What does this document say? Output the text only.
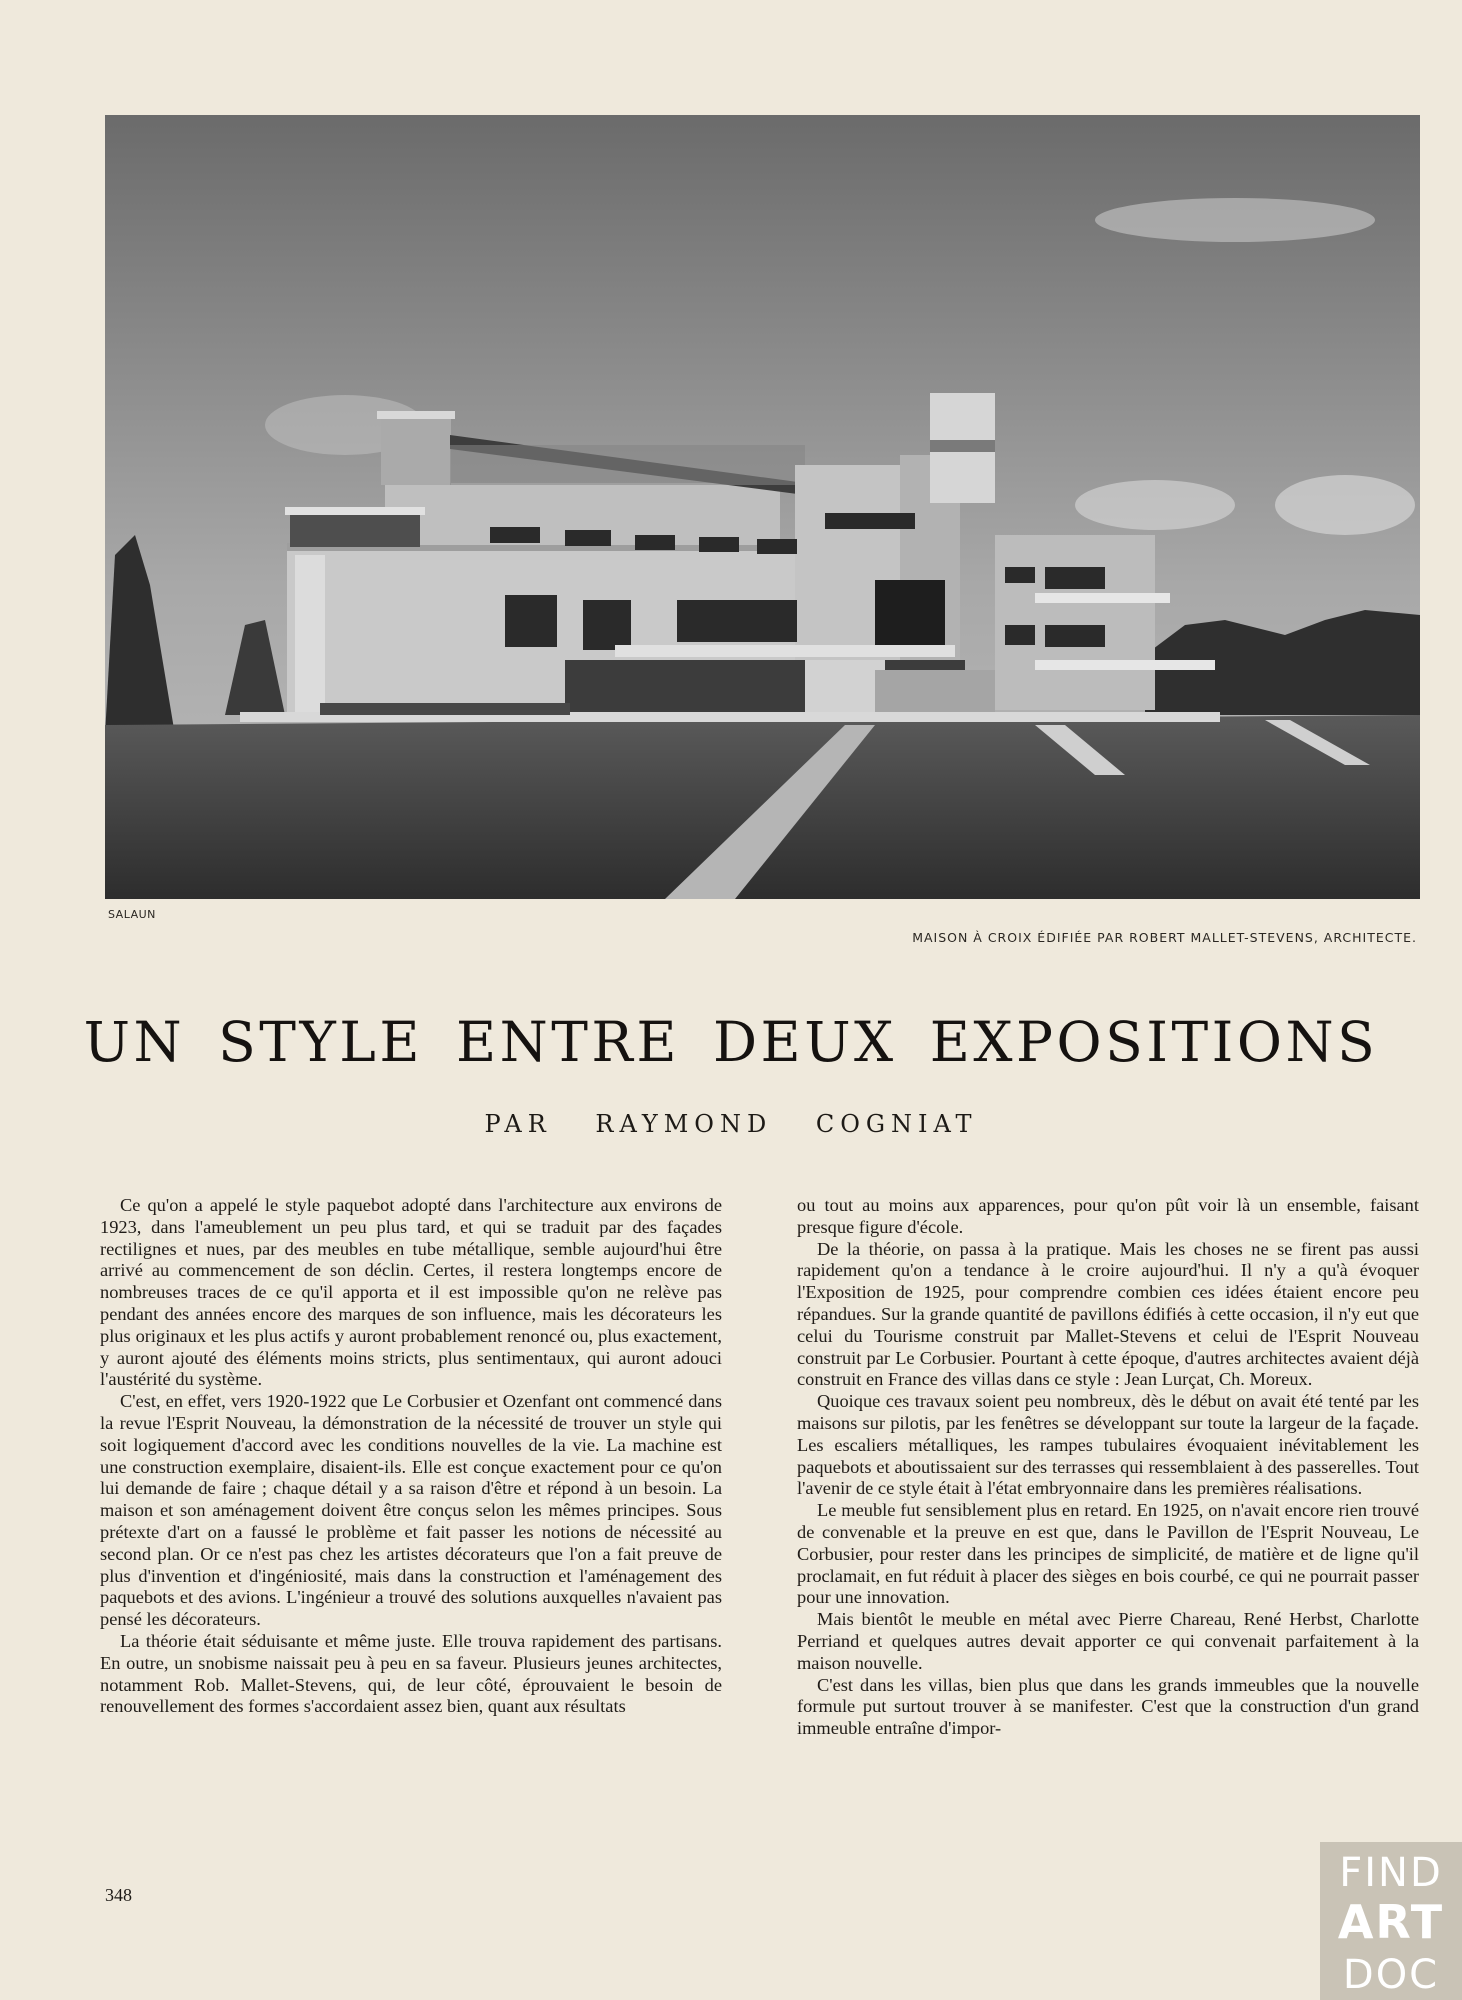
SALAUN
MAISON À CROIX ÉDIFIÉE PAR ROBERT MALLET-STEVENS, ARCHITECTE.
UN STYLE ENTRE DEUX EXPOSITIONS
PAR RAYMOND COGNIAT

Ce qu'on a appelé le style paquebot adopté dans l'architecture aux environs de 1923, dans l'ameublement un peu plus tard, et qui se traduit par des façades rectilignes et nues, par des meubles en tube métallique, semble aujourd'hui être arrivé au commencement de son déclin. Certes, il restera longtemps encore de nombreuses traces de ce qu'il apporta et il est impossible qu'on ne relève pas pendant des années encore des marques de son influence, mais les décorateurs les plus originaux et les plus actifs y auront probablement renoncé ou, plus exactement, y auront ajouté des éléments moins stricts, plus sentimentaux, qui auront adouci l'austérité du système.

C'est, en effet, vers 1920-1922 que Le Corbusier et Ozenfant ont commencé dans la revue l'Esprit Nouveau, la démonstration de la nécessité de trouver un style qui soit logiquement d'accord avec les conditions nouvelles de la vie. La machine est une construction exemplaire, disaient-ils. Elle est conçue exactement pour ce qu'on lui demande de faire ; chaque détail y a sa raison d'être et répond à un besoin. La maison et son aménagement doivent être conçus selon les mêmes principes. Sous prétexte d'art on a faussé le problème et fait passer les notions de nécessité au second plan. Or ce n'est pas chez les artistes décorateurs que l'on a fait preuve de plus d'invention et d'ingéniosité, mais dans la construction et l'aménagement des paquebots et des avions. L'ingénieur a trouvé des solutions auxquelles n'avaient pas pensé les décorateurs.

La théorie était séduisante et même juste. Elle trouva rapidement des partisans. En outre, un snobisme naissait peu à peu en sa faveur. Plusieurs jeunes architectes, notamment Rob. Mallet-Stevens, qui, de leur côté, éprouvaient le besoin de renouvellement des formes s'accordaient assez bien, quant aux résultats

ou tout au moins aux apparences, pour qu'on pût voir là un ensemble, faisant presque figure d'école.

De la théorie, on passa à la pratique. Mais les choses ne se firent pas aussi rapidement qu'on a tendance à le croire aujourd'hui. Il n'y a qu'à évoquer l'Exposition de 1925, pour comprendre combien ces idées étaient encore peu répandues. Sur la grande quantité de pavillons édifiés à cette occasion, il n'y eut que celui du Tourisme construit par Mallet-Stevens et celui de l'Esprit Nouveau construit par Le Corbusier. Pourtant à cette époque, d'autres architectes avaient déjà construit en France des villas dans ce style : Jean Lurçat, Ch. Moreux.

Quoique ces travaux soient peu nombreux, dès le début on avait été tenté par les maisons sur pilotis, par les fenêtres se développant sur toute la largeur de la façade. Les escaliers métalliques, les rampes tubulaires évoquaient inévitablement les paquebots et aboutissaient sur des terrasses qui ressemblaient à des passerelles. Tout l'avenir de ce style était à l'état embryonnaire dans les premières réalisations.

Le meuble fut sensiblement plus en retard. En 1925, on n'avait encore rien trouvé de convenable et la preuve en est que, dans le Pavillon de l'Esprit Nouveau, Le Corbusier, pour rester dans les principes de simplicité, de matière et de ligne qu'il proclamait, en fut réduit à placer des sièges en bois courbé, ce qui ne pourrait passer pour une innovation.

Mais bientôt le meuble en métal avec Pierre Chareau, René Herbst, Charlotte Perriand et quelques autres devait apporter ce qui convenait parfaitement à la maison nouvelle.

C'est dans les villas, bien plus que dans les grands immeubles que la nouvelle formule put surtout trouver à se manifester. C'est que la construction d'un grand immeuble entraîne d'impor-

348	FIND
ART
DOC
